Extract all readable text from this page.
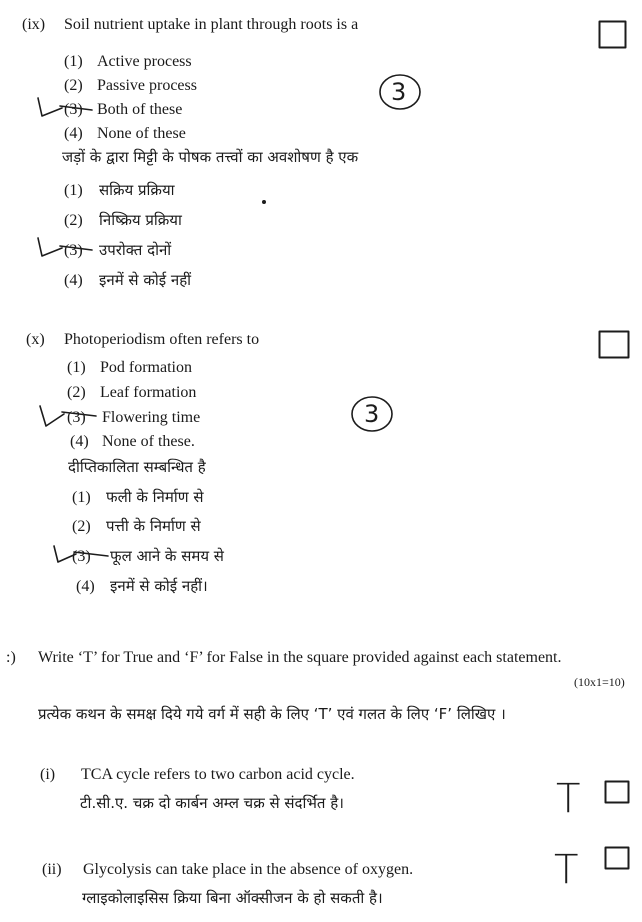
(ix) Soil nutrient uptake in plant through roots is a
(1) Active process
(2) Passive process
(3) Both of these
(4) None of these
जड़ों के द्वारा मिट्टी के पोषक तत्त्वों का अवशोषण है एक
(1) सक्रिय प्रक्रिया
(2) निष्क्रिय प्रक्रिया
(3) उपरोक्त दोनों
(4) इनमें से कोई नहीं
3
(x) Photoperiodism often refers to
(1) Pod formation
(2) Leaf formation
(3) Flowering time
(4) None of these.
3
दीप्तिकालिता सम्बन्धित है
(1) फली के निर्माण से
(2) पत्ती के निर्माण से
(3) फूल आने के समय से
(4) इनमें से कोई नहीं।
:) Write ‘T’ for True and ‘F’ for False in the square provided against each statement.
(10x1=10)
प्रत्येक कथन के समक्ष दिये गये वर्ग में सही के लिए ‘T’ एवं गलत के लिए ‘F’ लिखिए ।
(i) TCA cycle refers to two carbon acid cycle.
टी.सी.ए. चक्र दो कार्बन अम्ल चक्र से संदर्भित है।	T
(ii) Glycolysis can take place in the absence of oxygen.
ग्लाइकोलाइसिस क्रिया बिना ऑक्सीजन के हो सकती है।
T
